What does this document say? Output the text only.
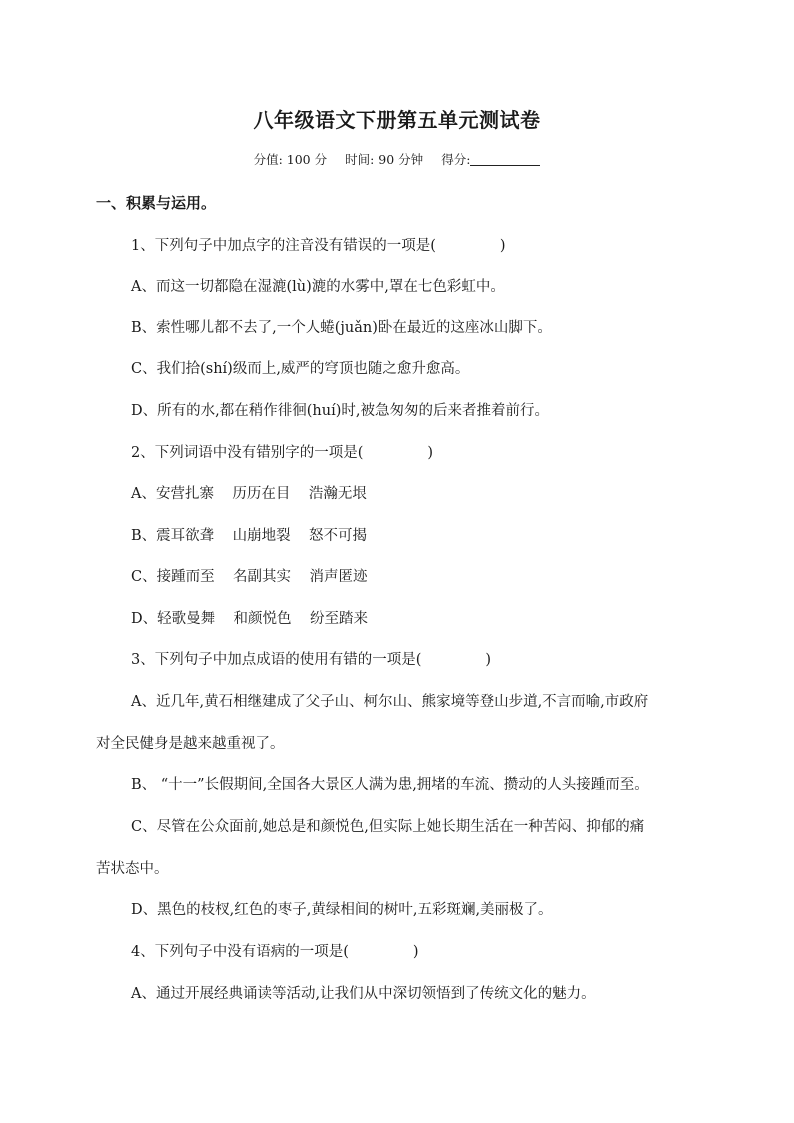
八年级语文下册第五单元测试卷
分值: 100 分 时间: 90 分钟 得分:
一、积累与运用。
1、下列句子中加点字的注音没有错误的一项是(	)
A、而这一切都隐在湿漉(lù)漉的水雾中,罩在七色彩虹中。
B、索性哪儿都不去了,一个人蜷(juǎn)卧在最近的这座冰山脚下。
C、我们拾(shí)级而上,威严的穹顶也随之愈升愈高。
D、所有的水,都在稍作徘徊(huí)时,被急匆匆的后来者推着前行。
2、下列词语中没有错别字的一项是(	)
A、安营扎寨    历历在目    浩瀚无垠
B、震耳欲聋    山崩地裂    怒不可揭
C、接踵而至    名副其实    消声匿迹
D、轻歌曼舞    和颜悦色    纷至踏来
3、下列句子中加点成语的使用有错的一项是(	)
A、近几年,黄石相继建成了父子山、柯尔山、熊家境等登山步道,不言而喻,市政府
对全民健身是越来越重视了。
B、 “十一”长假期间,全国各大景区人满为患,拥堵的车流、攒动的人头接踵而至。
C、尽管在公众面前,她总是和颜悦色,但实际上她长期生活在一种苦闷、抑郁的痛
苦状态中。
D、黑色的枝杈,红色的枣子,黄绿相间的树叶,五彩斑斓,美丽极了。
4、下列句子中没有语病的一项是(	)
A、通过开展经典诵读等活动,让我们从中深切领悟到了传统文化的魅力。
